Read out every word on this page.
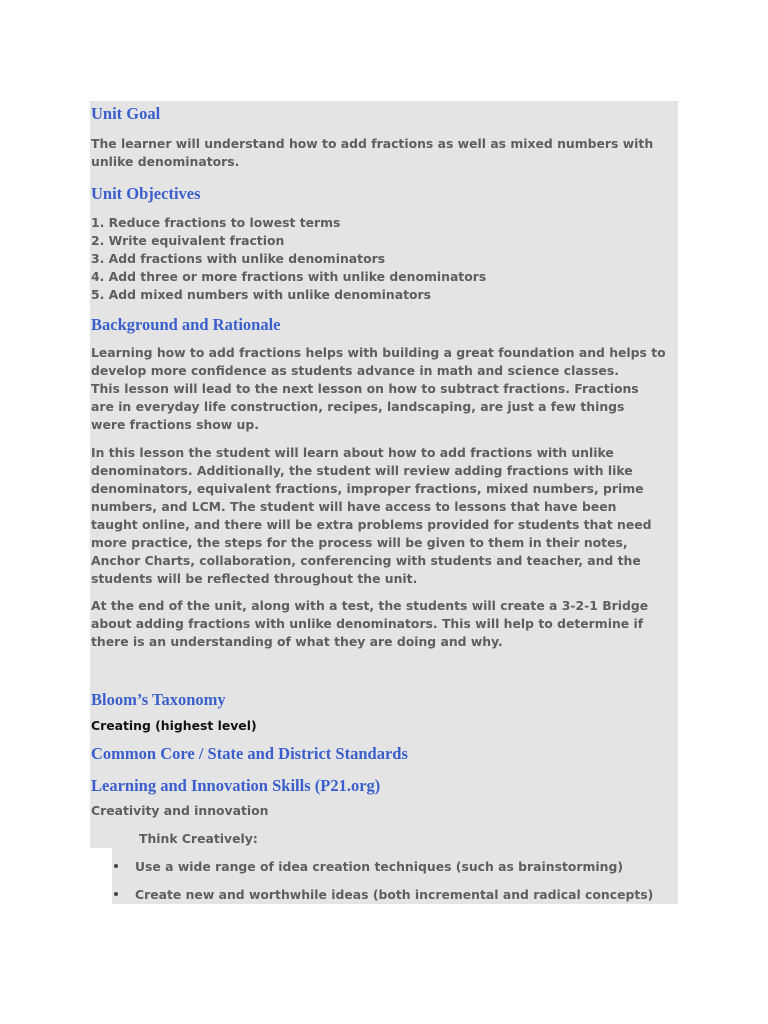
Unit Goal

The learner will understand how to add fractions as well as mixed numbers with
unlike denominators.

Unit Objectives

1. Reduce fractions to lowest terms
2. Write equivalent fraction
3. Add fractions with unlike denominators
4. Add three or more fractions with unlike denominators
5. Add mixed numbers with unlike denominators

Background and Rationale

Learning how to add fractions helps with building a great foundation and helps to
develop more confidence as students advance in math and science classes.
This lesson will lead to the next lesson on how to subtract fractions. Fractions
are in everyday life construction, recipes, landscaping, are just a few things
were fractions show up.

In this lesson the student will learn about how to add fractions with unlike
denominators. Additionally, the student will review adding fractions with like
denominators, equivalent fractions, improper fractions, mixed numbers, prime
numbers, and LCM. The student will have access to lessons that have been
taught online, and there will be extra problems provided for students that need
more practice, the steps for the process will be given to them in their notes,
Anchor Charts, collaboration, conferencing with students and teacher, and the
students will be reflected throughout the unit.

At the end of the unit, along with a test, the students will create a 3-2-1 Bridge
about adding fractions with unlike denominators. This will help to determine if
there is an understanding of what they are doing and why.

Bloom’s Taxonomy

Creating (highest level)

Common Core / State and District Standards
Learning and Innovation Skills (P21.org)

Creativity and innovation

Think Creatively:

Use a wide range of idea creation techniques (such as brainstorming)
Create new and worthwhile ideas (both incremental and radical concepts)
